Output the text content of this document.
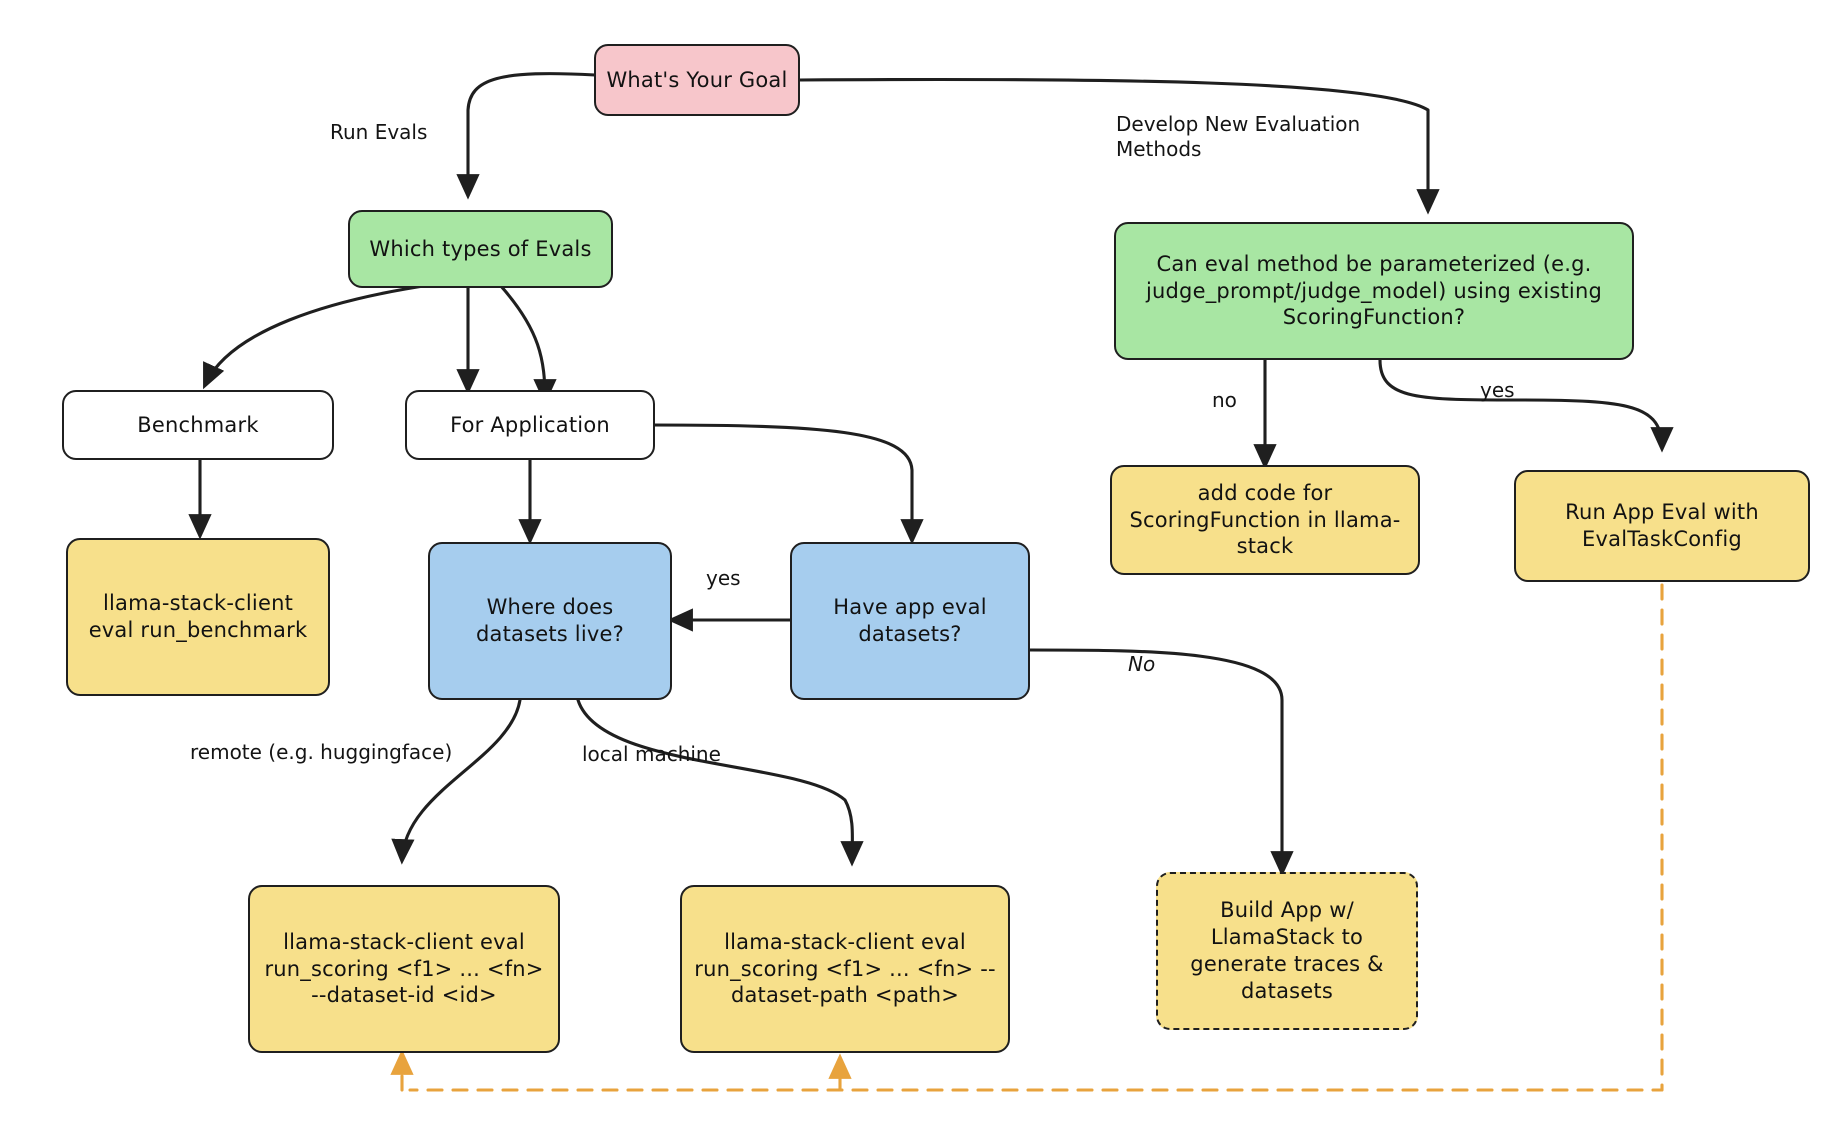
What's Your Goal
Which types of Evals
Can eval method be parameterized (e.g. judge_prompt/judge_model) using existing ScoringFunction?
Benchmark	For Application
add code for ScoringFunction in llama-stack
Run App Eval with EvalTaskConfig
llama-stack-client eval run_benchmark
Where does datasets live?
Have app eval datasets?
llama-stack-client eval run_scoring <f1> ... <fn> --dataset-id <id>
llama-stack-client eval run_scoring <f1> ... <fn> --dataset-path <path>
Build App w/ LlamaStack to generate traces & datasets
Run Evals	Develop New Evaluation Methods
no	yes
yes
No
remote (e.g. huggingface)	local machine
